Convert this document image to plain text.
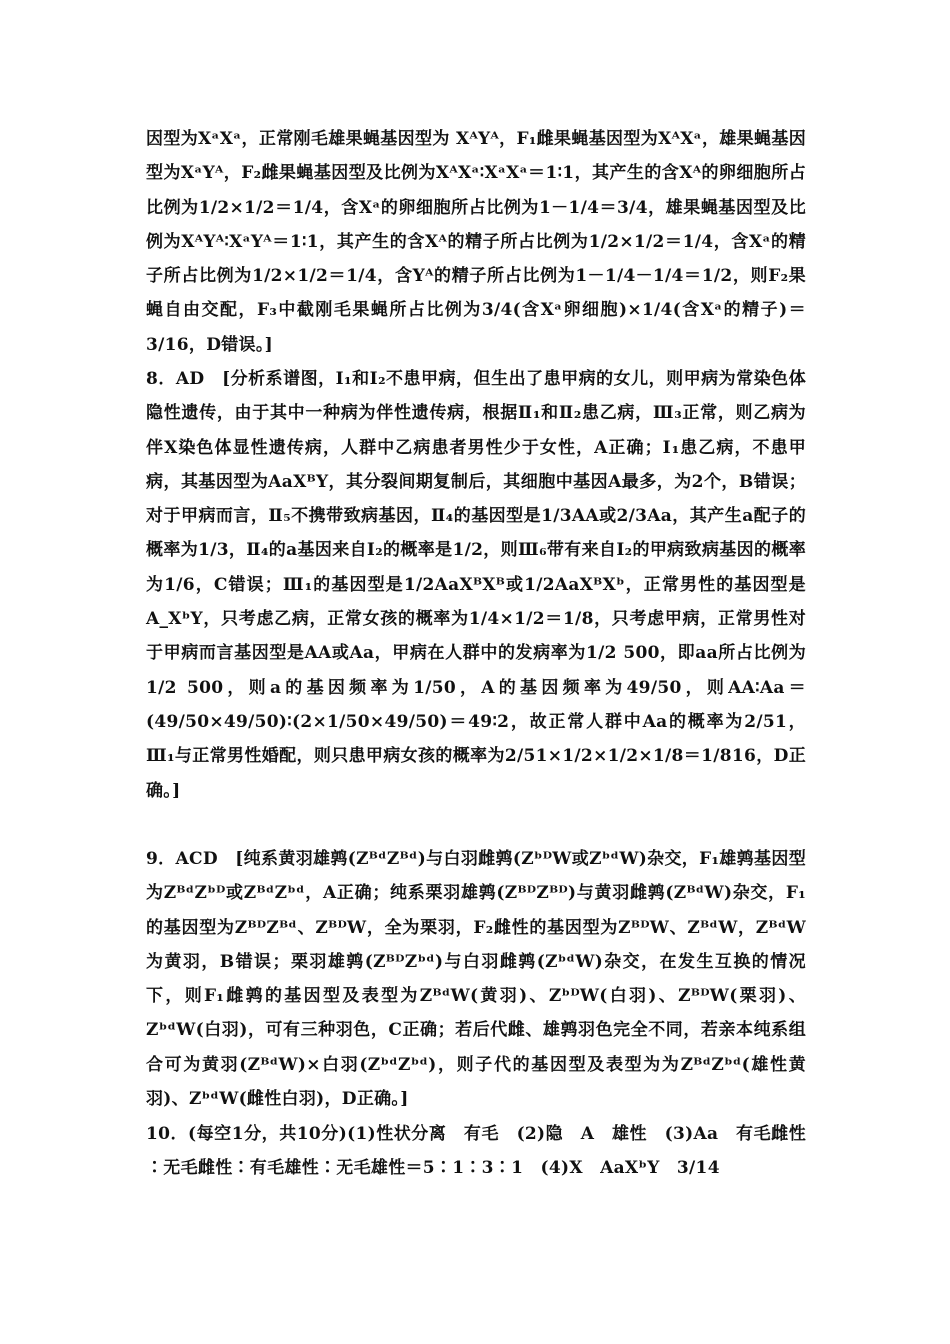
因型为XᵃXᵃ，正常刚毛雄果蝇基因型为 XᴬYᴬ，F₁雌果蝇基因型为XᴬXᵃ，雄果蝇基因型为XᵃYᴬ，F₂雌果蝇基因型及比例为XᴬXᵃ∶XᵃXᵃ＝1∶1，其产生的含Xᴬ的卵细胞所占比例为1/2×1/2＝1/4，含Xᵃ的卵细胞所占比例为1－1/4＝3/4，雄果蝇基因型及比例为XᴬYᴬ∶XᵃYᴬ＝1∶1，其产生的含Xᴬ的精子所占比例为1/2×1/2＝1/4，含Xᵃ的精子所占比例为1/2×1/2＝1/4，含Yᴬ的精子所占比例为1－1/4－1/4＝1/2，则F₂果蝇自由交配，F₃中截刚毛果蝇所占比例为3/4(含Xᵃ卵细胞)×1/4(含Xᵃ的精子)＝3/16，D错误。]

8．AD　[分析系谱图，Ⅰ₁和Ⅰ₂不患甲病，但生出了患甲病的女儿，则甲病为常染色体隐性遗传，由于其中一种病为伴性遗传病，根据Ⅱ₁和Ⅱ₂患乙病，Ⅲ₃正常，则乙病为伴X染色体显性遗传病，人群中乙病患者男性少于女性，A正确；Ⅰ₁患乙病，不患甲病，其基因型为AaXᴮY，其分裂间期复制后，其细胞中基因A最多，为2个，B错误；对于甲病而言，Ⅱ₅不携带致病基因，Ⅱ₄的基因型是1/3AA或2/3Aa，其产生a配子的概率为1/3，Ⅱ₄的a基因来自Ⅰ₂的概率是1/2，则Ⅲ₆带有来自Ⅰ₂的甲病致病基因的概率为1/6，C错误；Ⅲ₁的基因型是1/2AaXᴮXᴮ或1/2AaXᴮXᵇ，正常男性的基因型是A_XᵇY，只考虑乙病，正常女孩的概率为1/4×1/2＝1/8，只考虑甲病，正常男性对于甲病而言基因型是AA或Aa，甲病在人群中的发病率为1/2 500，即aa所占比例为1/2 500，则a的基因频率为1/50，A的基因频率为49/50，则AA∶Aa＝(49/50×49/50)∶(2×1/50×49/50)＝49∶2，故正常人群中Aa的概率为2/51，Ⅲ₁与正常男性婚配，则只患甲病女孩的概率为2/51×1/2×1/2×1/8＝1/816，D正确。]

9．ACD　[纯系黄羽雄鹑(ZᴮᵈZᴮᵈ)与白羽雌鹑(ZᵇᴰW或ZᵇᵈW)杂交，F₁雄鹑基因型为ZᴮᵈZᵇᴰ或ZᴮᵈZᵇᵈ，A正确；纯系栗羽雄鹑(ZᴮᴰZᴮᴰ)与黄羽雌鹑(ZᴮᵈW)杂交，F₁的基因型为ZᴮᴰZᴮᵈ、ZᴮᴰW，全为栗羽，F₂雌性的基因型为ZᴮᴰW、ZᴮᵈW，ZᴮᵈW为黄羽，B错误；栗羽雄鹑(ZᴮᴰZᵇᵈ)与白羽雌鹑(ZᵇᵈW)杂交，在发生互换的情况下，则F₁雌鹑的基因型及表型为ZᴮᵈW(黄羽)、ZᵇᴰW(白羽)、ZᴮᴰW(栗羽)、ZᵇᵈW(白羽)，可有三种羽色，C正确；若后代雌、雄鹑羽色完全不同，若亲本纯系组合可为黄羽(ZᴮᵈW)×白羽(ZᵇᵈZᵇᵈ)，则子代的基因型及表型为为ZᴮᵈZᵇᵈ(雄性黄羽)、ZᵇᵈW(雌性白羽)，D正确。]

10．(每空1分，共10分)(1)性状分离　有毛　(2)隐　A　雄性　(3)Aa　有毛雌性∶无毛雌性∶有毛雄性∶无毛雄性＝5∶1∶3∶1　(4)X　AaXᵇY　3/14
